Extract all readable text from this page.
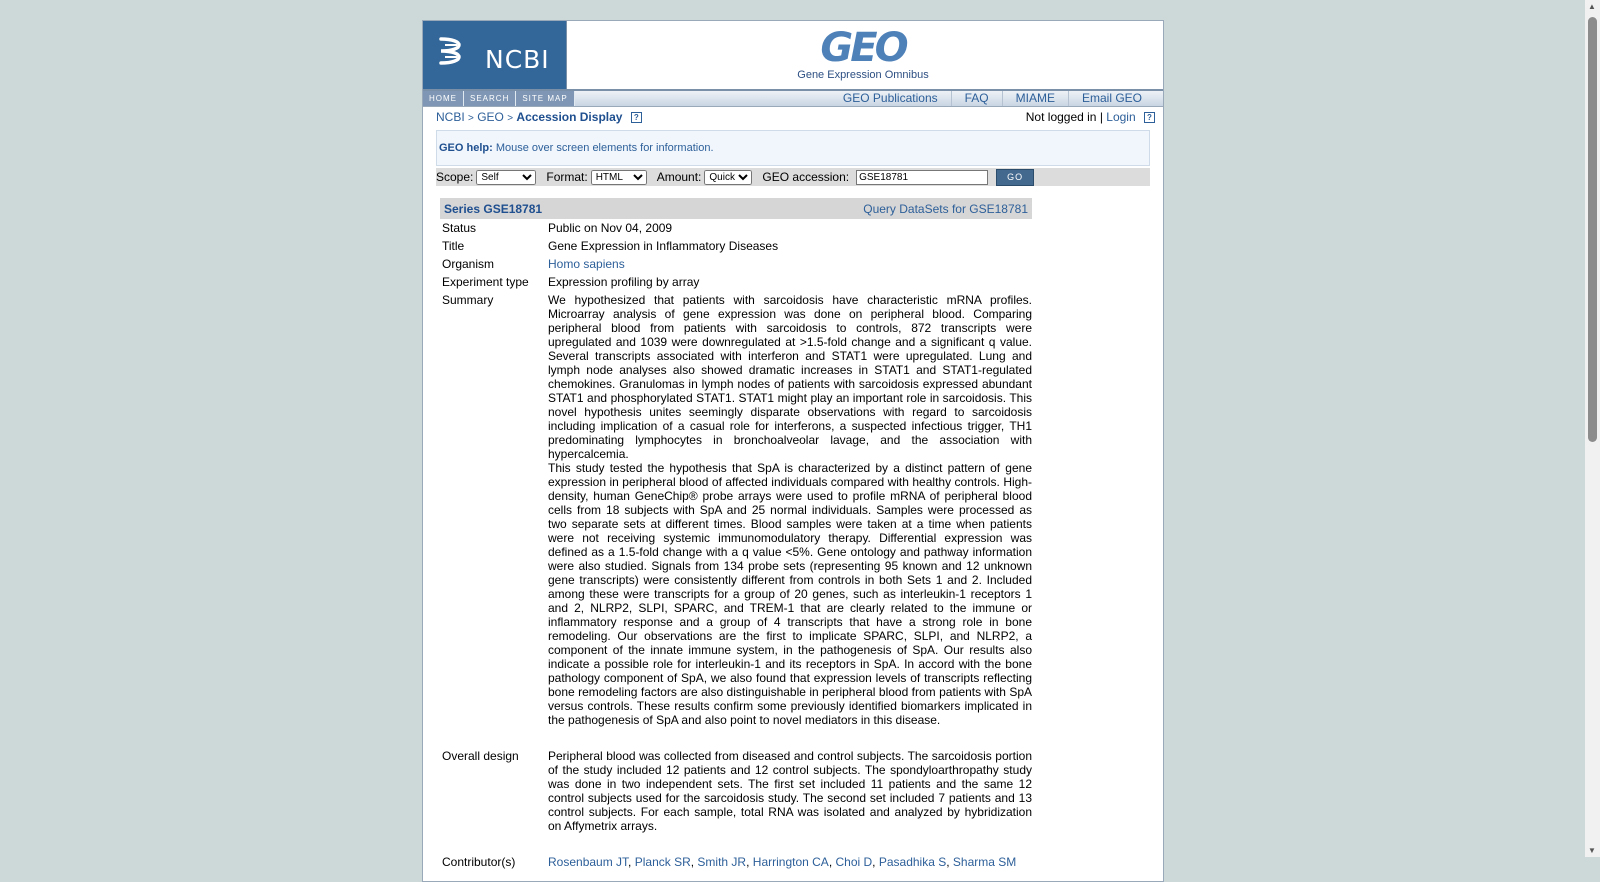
NCBI	GEO
Gene Expression Omnibus
HOME	SEARCH	SITE MAP	GEO Publications	FAQ	MIAME	Email GEO
NCBI > GEO > Accession Display ?	Not logged in | Login ?
GEO help: Mouse over screen elements for information.
Scope:
Self	Format:
HTML	Amount:
Quick	GEO accession:
GSE18781	GO
Series GSE18781	Query DataSets for GSE18781
Status	Public on Nov 04, 2009
Title	Gene Expression in Inflammatory Diseases
Organism	Homo sapiens
Experiment type	Expression profiling by array
Summary	We hypothesized that patients with sarcoidosis have characteristic mRNA profiles. Microarray analysis of gene expression was done on peripheral blood. Comparing peripheral blood from patients with sarcoidosis to controls, 872 transcripts were upregulated and 1039 were downregulated at >1.5-fold change and a significant q value. Several transcripts associated with interferon and STAT1 were upregulated. Lung and lymph node analyses also showed dramatic increases in STAT1 and STAT1-regulated chemokines. Granulomas in lymph nodes of patients with sarcoidosis expressed abundant STAT1 and phosphorylated STAT1. STAT1 might play an important role in sarcoidosis. This novel hypothesis unites seemingly disparate observations with regard to sarcoidosis including implication of a casual role for interferons, a suspected infectious trigger, TH1 predominating lymphocytes in bronchoalveolar lavage, and the association with hypercalcemia.

This study tested the hypothesis that SpA is characterized by a distinct pattern of gene expression in peripheral blood of affected individuals compared with healthy controls. High-density, human GeneChip® probe arrays were used to profile mRNA of peripheral blood cells from 18 subjects with SpA and 25 normal individuals. Samples were processed as two separate sets at different times. Blood samples were taken at a time when patients were not receiving systemic immunomodulatory therapy. Differential expression was defined as a 1.5-fold change with a q value <5%. Gene ontology and pathway information were also studied. Signals from 134 probe sets (representing 95 known and 12 unknown gene transcripts) were consistently different from controls in both Sets 1 and 2. Included among these were transcripts for a group of 20 genes, such as interleukin-1 receptors 1 and 2, NLRP2, SLPI, SPARC, and TREM-1 that are clearly related to the immune or inflammatory response and a group of 4 transcripts that have a strong role in bone remodeling. Our observations are the first to implicate SPARC, SLPI, and NLRP2, a component of the innate immune system, in the pathogenesis of SpA. Our results also indicate a possible role for interleukin-1 and its receptors in SpA. In accord with the bone pathology component of SpA, we also found that expression levels of transcripts reflecting bone remodeling factors are also distinguishable in peripheral blood from patients with SpA versus controls. These results confirm some previously identified biomarkers implicated in the pathogenesis of SpA and also point to novel mediators in this disease.

Overall design	Peripheral blood was collected from diseased and control subjects. The sarcoidosis portion of the study included 12 patients and 12 control subjects. The spondyloarthropathy study was done in two independent sets. The first set included 11 patients and the same 12 control subjects used for the sarcoidosis study. The second set included 7 patients and 13 control subjects. For each sample, total RNA was isolated and analyzed by hybridization on Affymetrix arrays.
Contributor(s)	Rosenbaum JT, Planck SR, Smith JR, Harrington CA, Choi D, Pasadhika S, Sharma SM
▲
▼
